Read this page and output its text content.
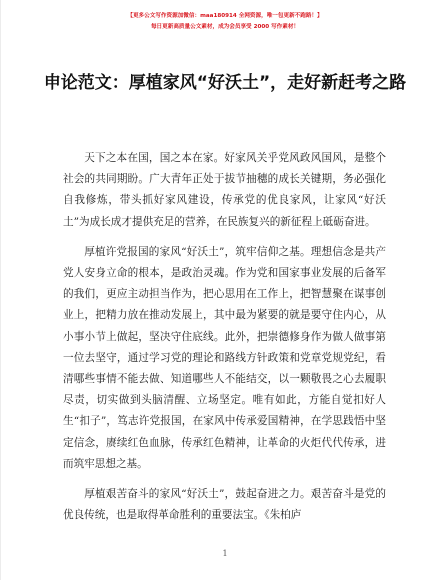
【更多公文写作资源加微信：maa180914 全网资源，唯一包更新不跑路！】
每日更新高质量公文素材，成为会员享受 2000 写作素材！
申论范文：厚植家风“好沃土”，走好新赶考之路

天下之本在国，国之本在家。好家风关乎党风政风国风，是整个社会的共同期盼。广大青年正处于拔节抽穗的成长关键期，务必强化自我修炼，带头抓好家风建设，传承党的优良家风，让家风“好沃土”为成长成才提供充足的营养，在民族复兴的新征程上砥砺奋进。

厚植许党报国的家风“好沃土”，筑牢信仰之基。理想信念是共产党人安身立命的根本，是政治灵魂。作为党和国家事业发展的后备军的我们，更应主动担当作为，把心思用在工作上，把智慧聚在谋事创业上，把精力放在推动发展上，其中最为紧要的就是要守住内心，从小事小节上做起，坚决守住底线。此外，把崇德修身作为做人做事第一位去坚守，通过学习党的理论和路线方针政策和党章党规党纪，看清哪些事情不能去做、知道哪些人不能结交，以一颗敬畏之心去履职尽责，切实做到头脑清醒、立场坚定。唯有如此，方能自觉扣好人生“扣子”，笃志许党报国，在家风中传承爱国精神，在学思践悟中坚定信念，赓续红色血脉，传承红色精神，让革命的火炬代代传承，进而筑牢思想之基。

厚植艰苦奋斗的家风“好沃土”，鼓起奋进之力。艰苦奋斗是党的优良传统，也是取得革命胜利的重要法宝。《朱柏庐

1
